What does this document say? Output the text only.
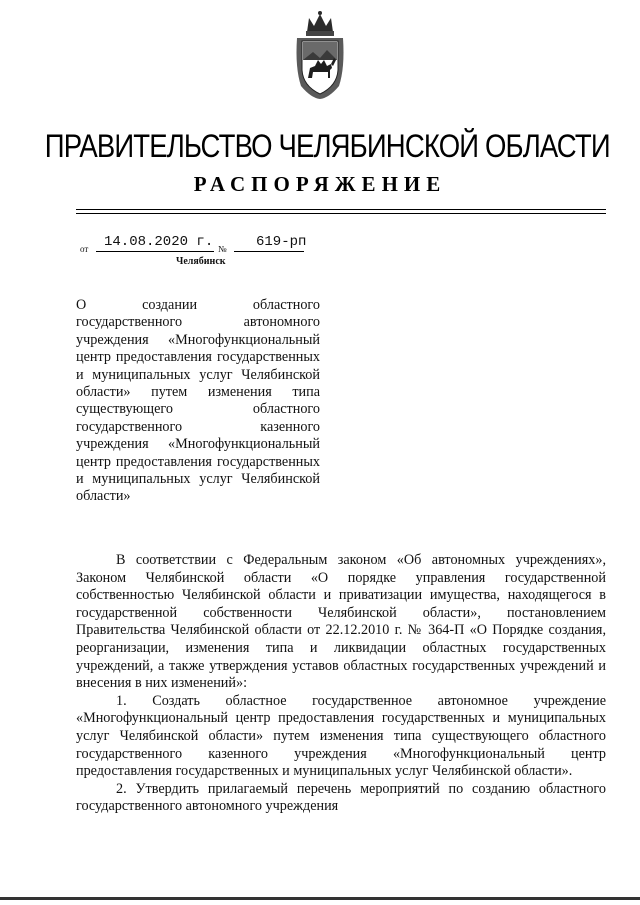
ПРАВИТЕЛЬСТВО ЧЕЛЯБИНСКОЙ ОБЛАСТИ
РАСПОРЯЖЕНИЕ
от 14.08.2020 г. № 619-рп
Челябинск
О создании областного государственного автономного учреждения «Многофункциональный центр предоставления государственных и муниципальных услуг Челябинской области» путем изменения типа существующего областного государственного казенного учреждения «Многофункциональный центр предоставления государственных и муниципальных услуг Челябинской области»

В соответствии с Федеральным законом «Об автономных учреждениях», Законом Челябинской области «О порядке управления государственной собственностью Челябинской области и приватизации имущества, находящегося в государственной собственности Челябинской области», постановлением Правительства Челябинской области от 22.12.2010 г. № 364-П «О Порядке создания, реорганизации, изменения типа и ликвидации областных государственных учреждений, а также утверждения уставов областных государственных учреждений и внесения в них изменений»:

1. Создать областное государственное автономное учреждение «Многофункциональный центр предоставления государственных и муниципальных услуг Челябинской области» путем изменения типа существующего областного государственного казенного учреждения «Многофункциональный центр предоставления государственных и муниципальных услуг Челябинской области».

2. Утвердить прилагаемый перечень мероприятий по созданию областного государственного автономного учреждения
